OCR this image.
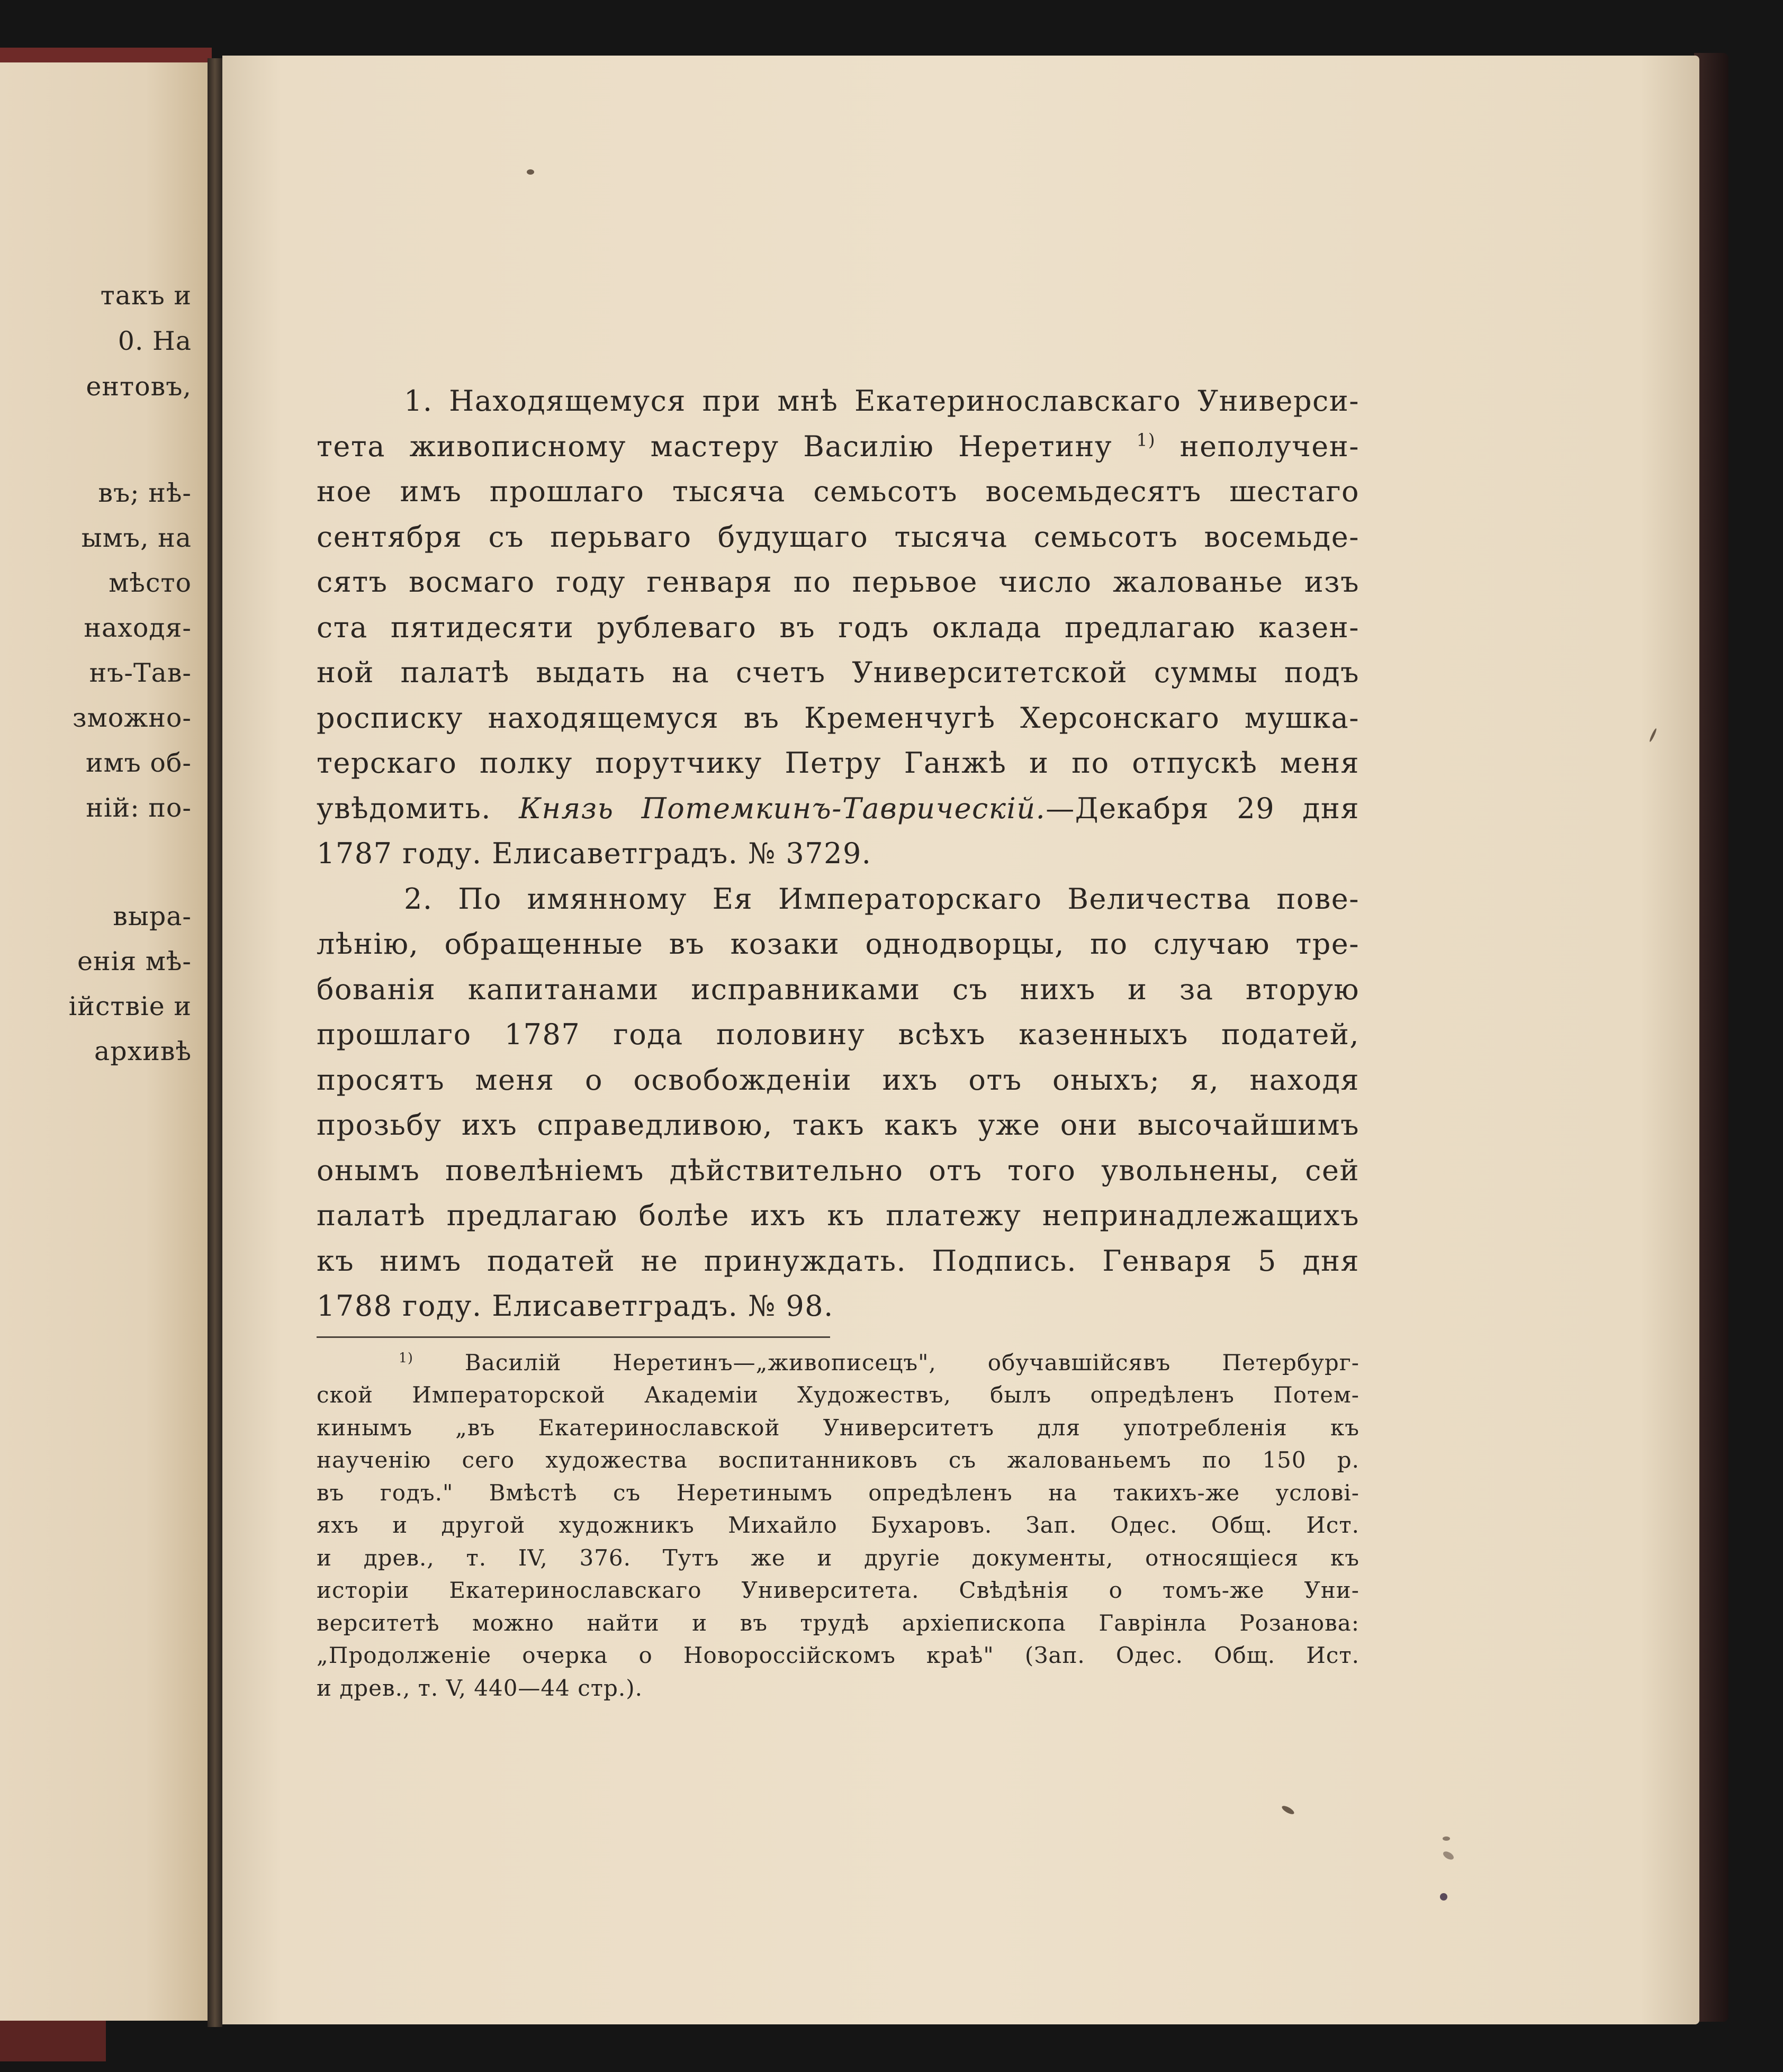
такъ и
0. На
ентовъ,
въ; нѣ-
ымъ, на
мѣсто
находя-
нъ-Тав-
зможно-
имъ об-
ній: по-
выра-
енія мѣ-
ійствіе и
архивѣ
1. Находящемуся при мнѣ Екатеринославскаго Универси-
тета живописному мастеру Василію Неретину $^{1)}$ неполучен-
ное имъ прошлаго тысяча семьсотъ восемьдесятъ шестаго
сентября съ перьваго будущаго тысяча семьсотъ восемьде-
сятъ восмаго году генваря по перьвое число жалованье изъ
ста пятидесяти рублеваго въ годъ оклада предлагаю казен-
ной палатѣ выдать на счетъ Университетской суммы подъ
росписку находящемуся въ Кременчугѣ Херсонскаго мушка-
терскаго полку порутчику Петру Ганжѣ и по отпускѣ меня
увѣдомить. Князь Потемкинъ-Таврическій.—Декабря 29 дня
1787 году. Елисаветградъ. № 3729.
2. По имянному Ея Императорскаго Величества пове-
лѣнію, обращенные въ козаки однодворцы, по случаю тре-
бованія капитанами исправниками съ нихъ и за вторую
прошлаго 1787 года половину всѣхъ казенныхъ податей,
просятъ меня о освобожденіи ихъ отъ оныхъ; я, находя
прозьбу ихъ справедливою, такъ какъ уже они высочайшимъ
онымъ повелѣніемъ дѣйствительно отъ того увольнены, сей
палатѣ предлагаю болѣе ихъ къ платежу непринадлежащихъ
къ нимъ податей не принуждать. Подпись. Генваря 5 дня
1788 году. Елисаветградъ. № 98.
$^{1)}$ Василій Неретинъ—„живописецъ", обучавшійсявъ Петербург-
ской Императорской Академіи Художествъ, былъ опредѣленъ Потем-
кинымъ „въ Екатеринославской Университетъ для употребленія къ
наученію сего художества воспитанниковъ съ жалованьемъ по 150 р.
въ годъ." Вмѣстѣ съ Неретинымъ опредѣленъ на такихъ-же услові-
яхъ и другой художникъ Михайло Бухаровъ. Зап. Одес. Общ. Ист.
и древ., т. IV, 376. Тутъ же и другіе документы, относящіеся къ
исторіи Екатеринославскаго Университета. Свѣдѣнія о томъ-же Уни-
верситетѣ можно найти и въ трудѣ архіепископа Гаврінла Розанова:
„Продолженіе очерка о Новороссійскомъ краѣ" (Зап. Одес. Общ. Ист.
и древ., т. V, 440—44 стр.).
